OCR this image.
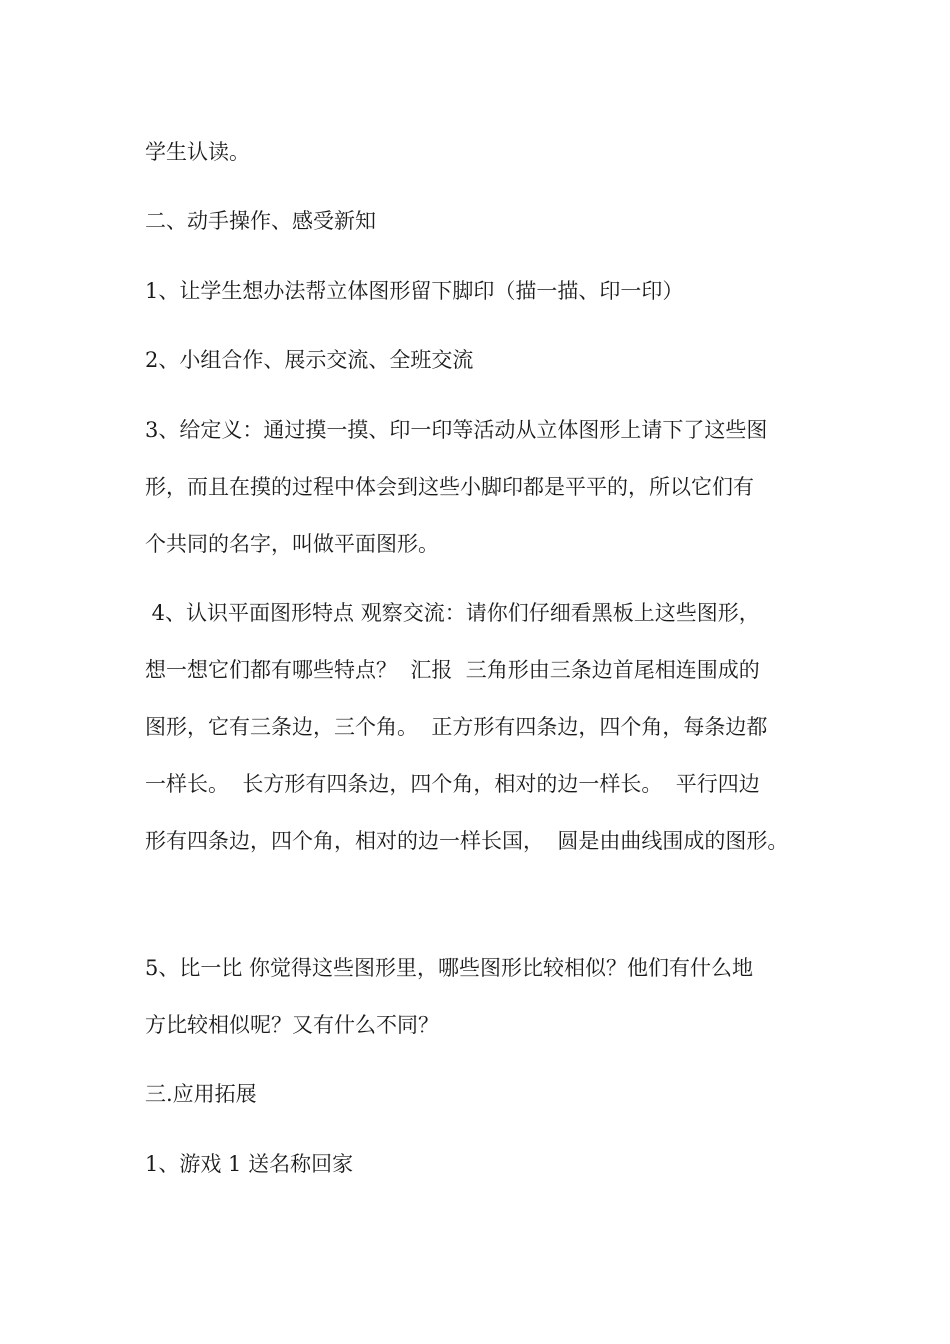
学生认读。
二、动手操作、感受新知
1、让学生想办法帮立体图形留下脚印（描一描、印一印）
2、小组合作、展示交流、全班交流
3、给定义：通过摸一摸、印一印等活动从立体图形上请下了这些图
形，而且在摸的过程中体会到这些小脚印都是平平的，所以它们有
个共同的名字，叫做平面图形。
4、认识平面图形特点 观察交流：请你们仔细看黑板上这些图形，
想一想它们都有哪些特点？  汇报  三角形由三条边首尾相连围成的
图形，它有三条边，三个角。  正方形有四条边，四个角，每条边都
一样长。  长方形有四条边，四个角，相对的边一样长。  平行四边
形有四条边，四个角，相对的边一样长国，  圆是由曲线围成的图形。
5、比一比 你觉得这些图形里，哪些图形比较相似？他们有什么地
方比较相似呢？又有什么不同？
三.应用拓展
1、游戏 1 送名称回家
